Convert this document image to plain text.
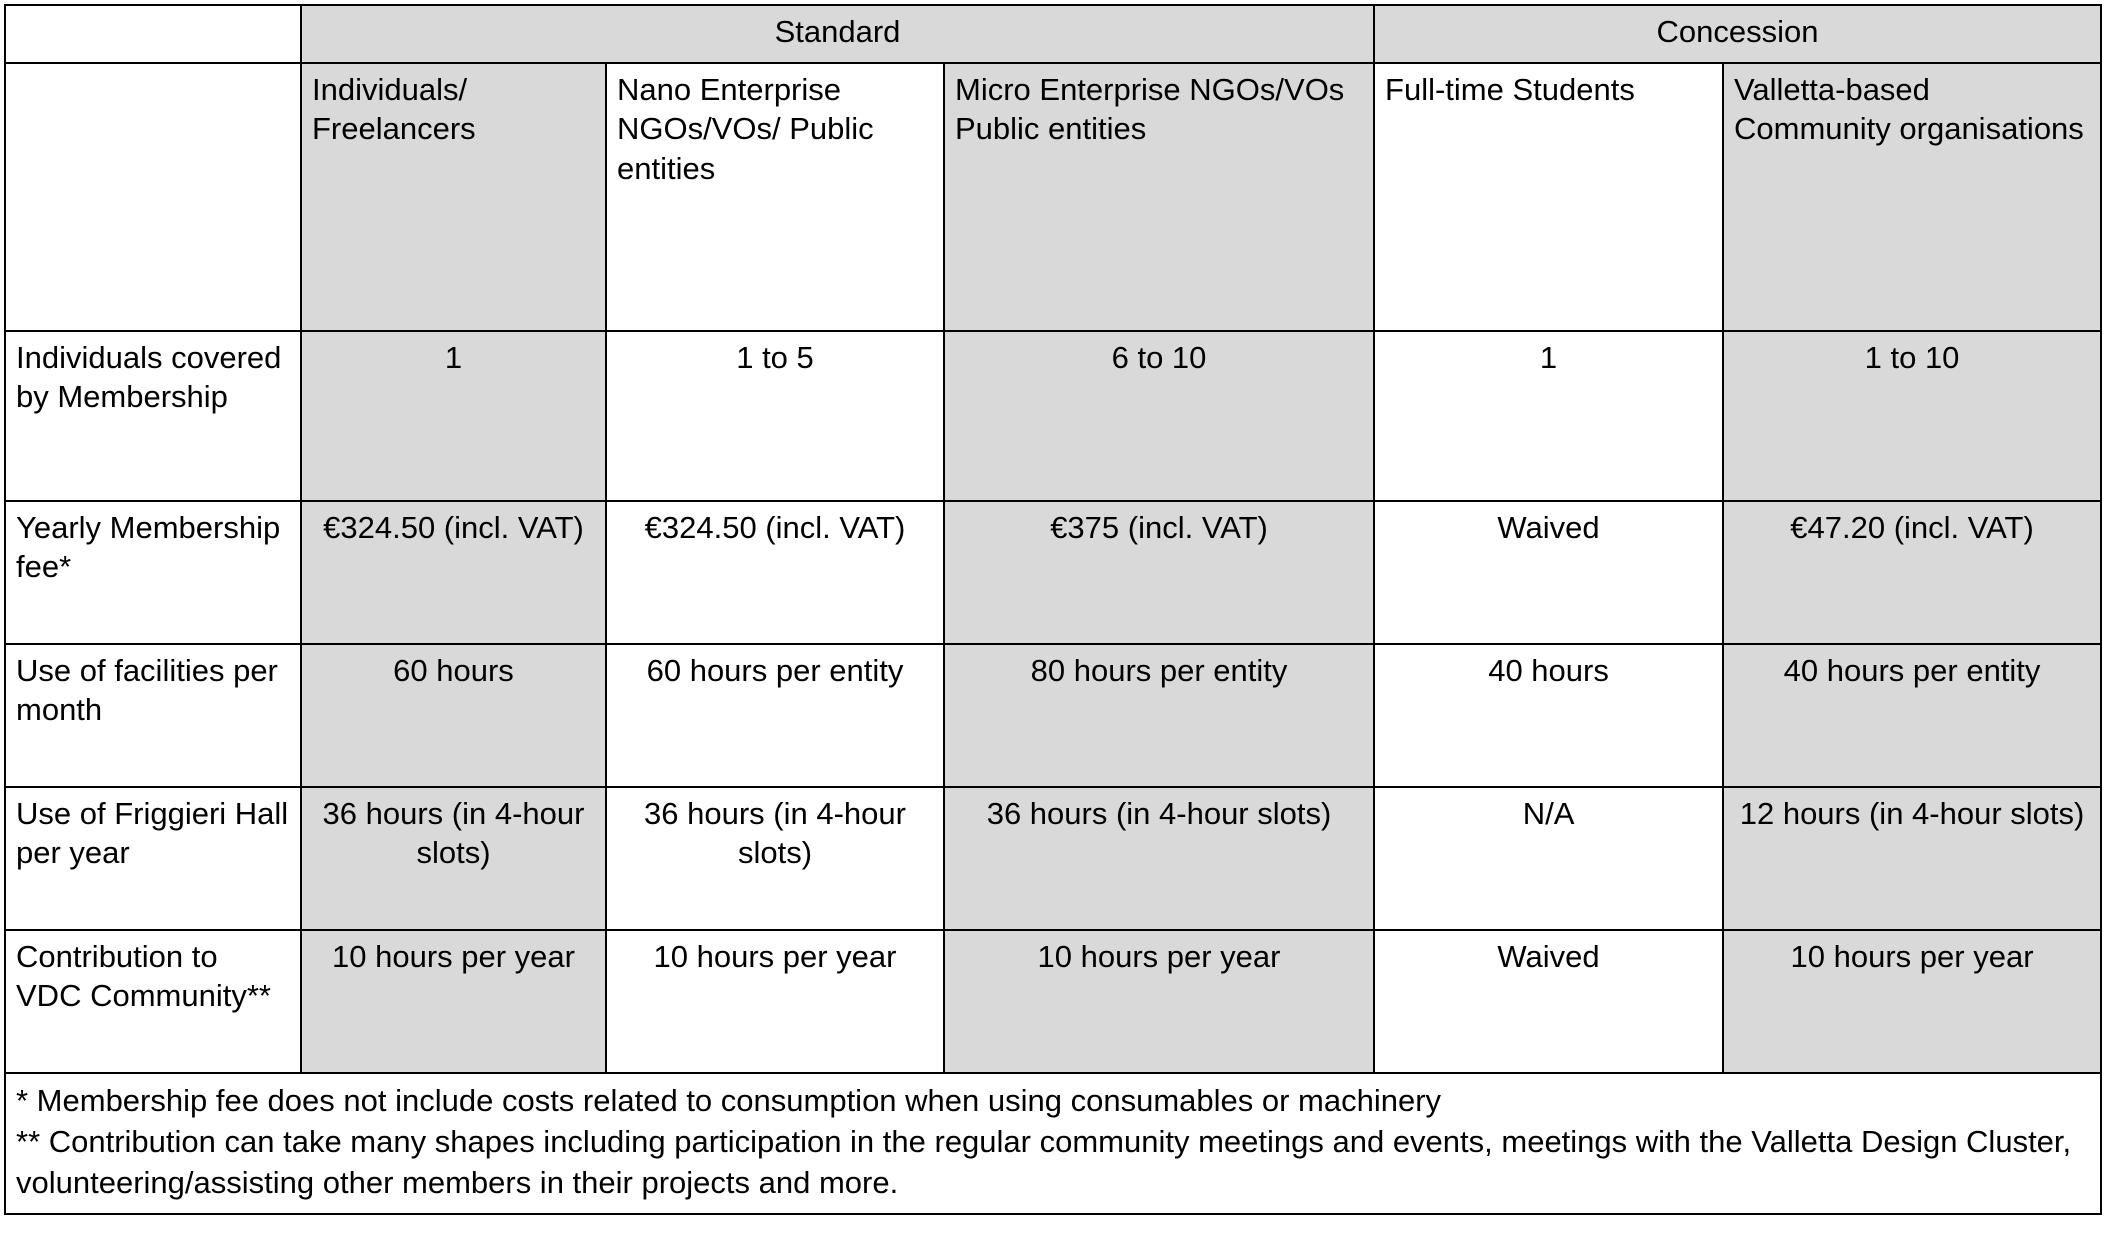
	Standard			Concession	
	Individuals/ Freelancers	Nano Enterprise NGOs/VOs/ Public entities	Micro Enterprise NGOs/VOs Public entities	Full-time Students	Valletta-based Community organisations
Individuals covered by Membership	1	1 to 5	6 to 10	1	1 to 10
Yearly Membership fee*	€324.50 (incl. VAT)	€324.50 (incl. VAT)	€375 (incl. VAT)	Waived	€47.20 (incl. VAT)
Use of facilities per month	60 hours	60 hours per entity	80 hours per entity	40 hours	40 hours per entity
Use of Friggieri Hall per year	36 hours (in 4-hour slots)	36 hours (in 4-hour slots)	36 hours (in 4-hour slots)	N/A	12 hours (in 4-hour slots)
Contribution to VDC Community**	10 hours per year	10 hours per year	10 hours per year	Waived	10 hours per year

* Membership fee does not include costs related to consumption when using consumables or machinery
** Contribution can take many shapes including participation in the regular community meetings and events, meetings with the Valletta Design Cluster, volunteering/assisting other members in their projects and more.					
